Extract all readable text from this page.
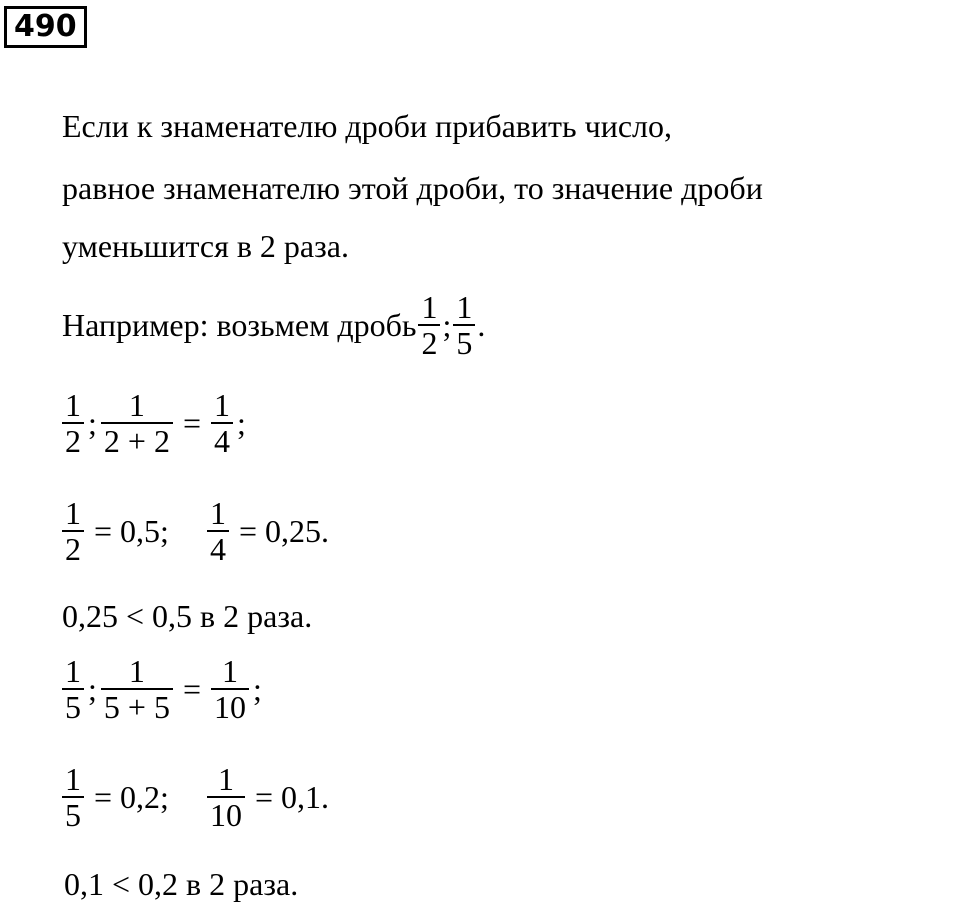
490
Если к знаменателю дроби прибавить число,
равное знаменателю этой дроби, то значение дроби
уменьшится в 2 раза.
Например: возьмем дробь $\frac{1}{2}$ ; $\frac{1}{5}$ .
$\frac{1}{2}$ ; $\frac{1}{2 + 2} = \frac{1}{4}$ ;
$\frac{1}{2} = 0,5$; $\frac{1}{4} = 0,25$.
0,25 < 0,5 в 2 раза.
$\frac{1}{5}$ ; $\frac{1}{5 + 5} = \frac{1}{10}$ ;
$\frac{1}{5} = 0,2$; $\frac{1}{10} = 0,1$.
0,1 < 0,2 в 2 раза.
